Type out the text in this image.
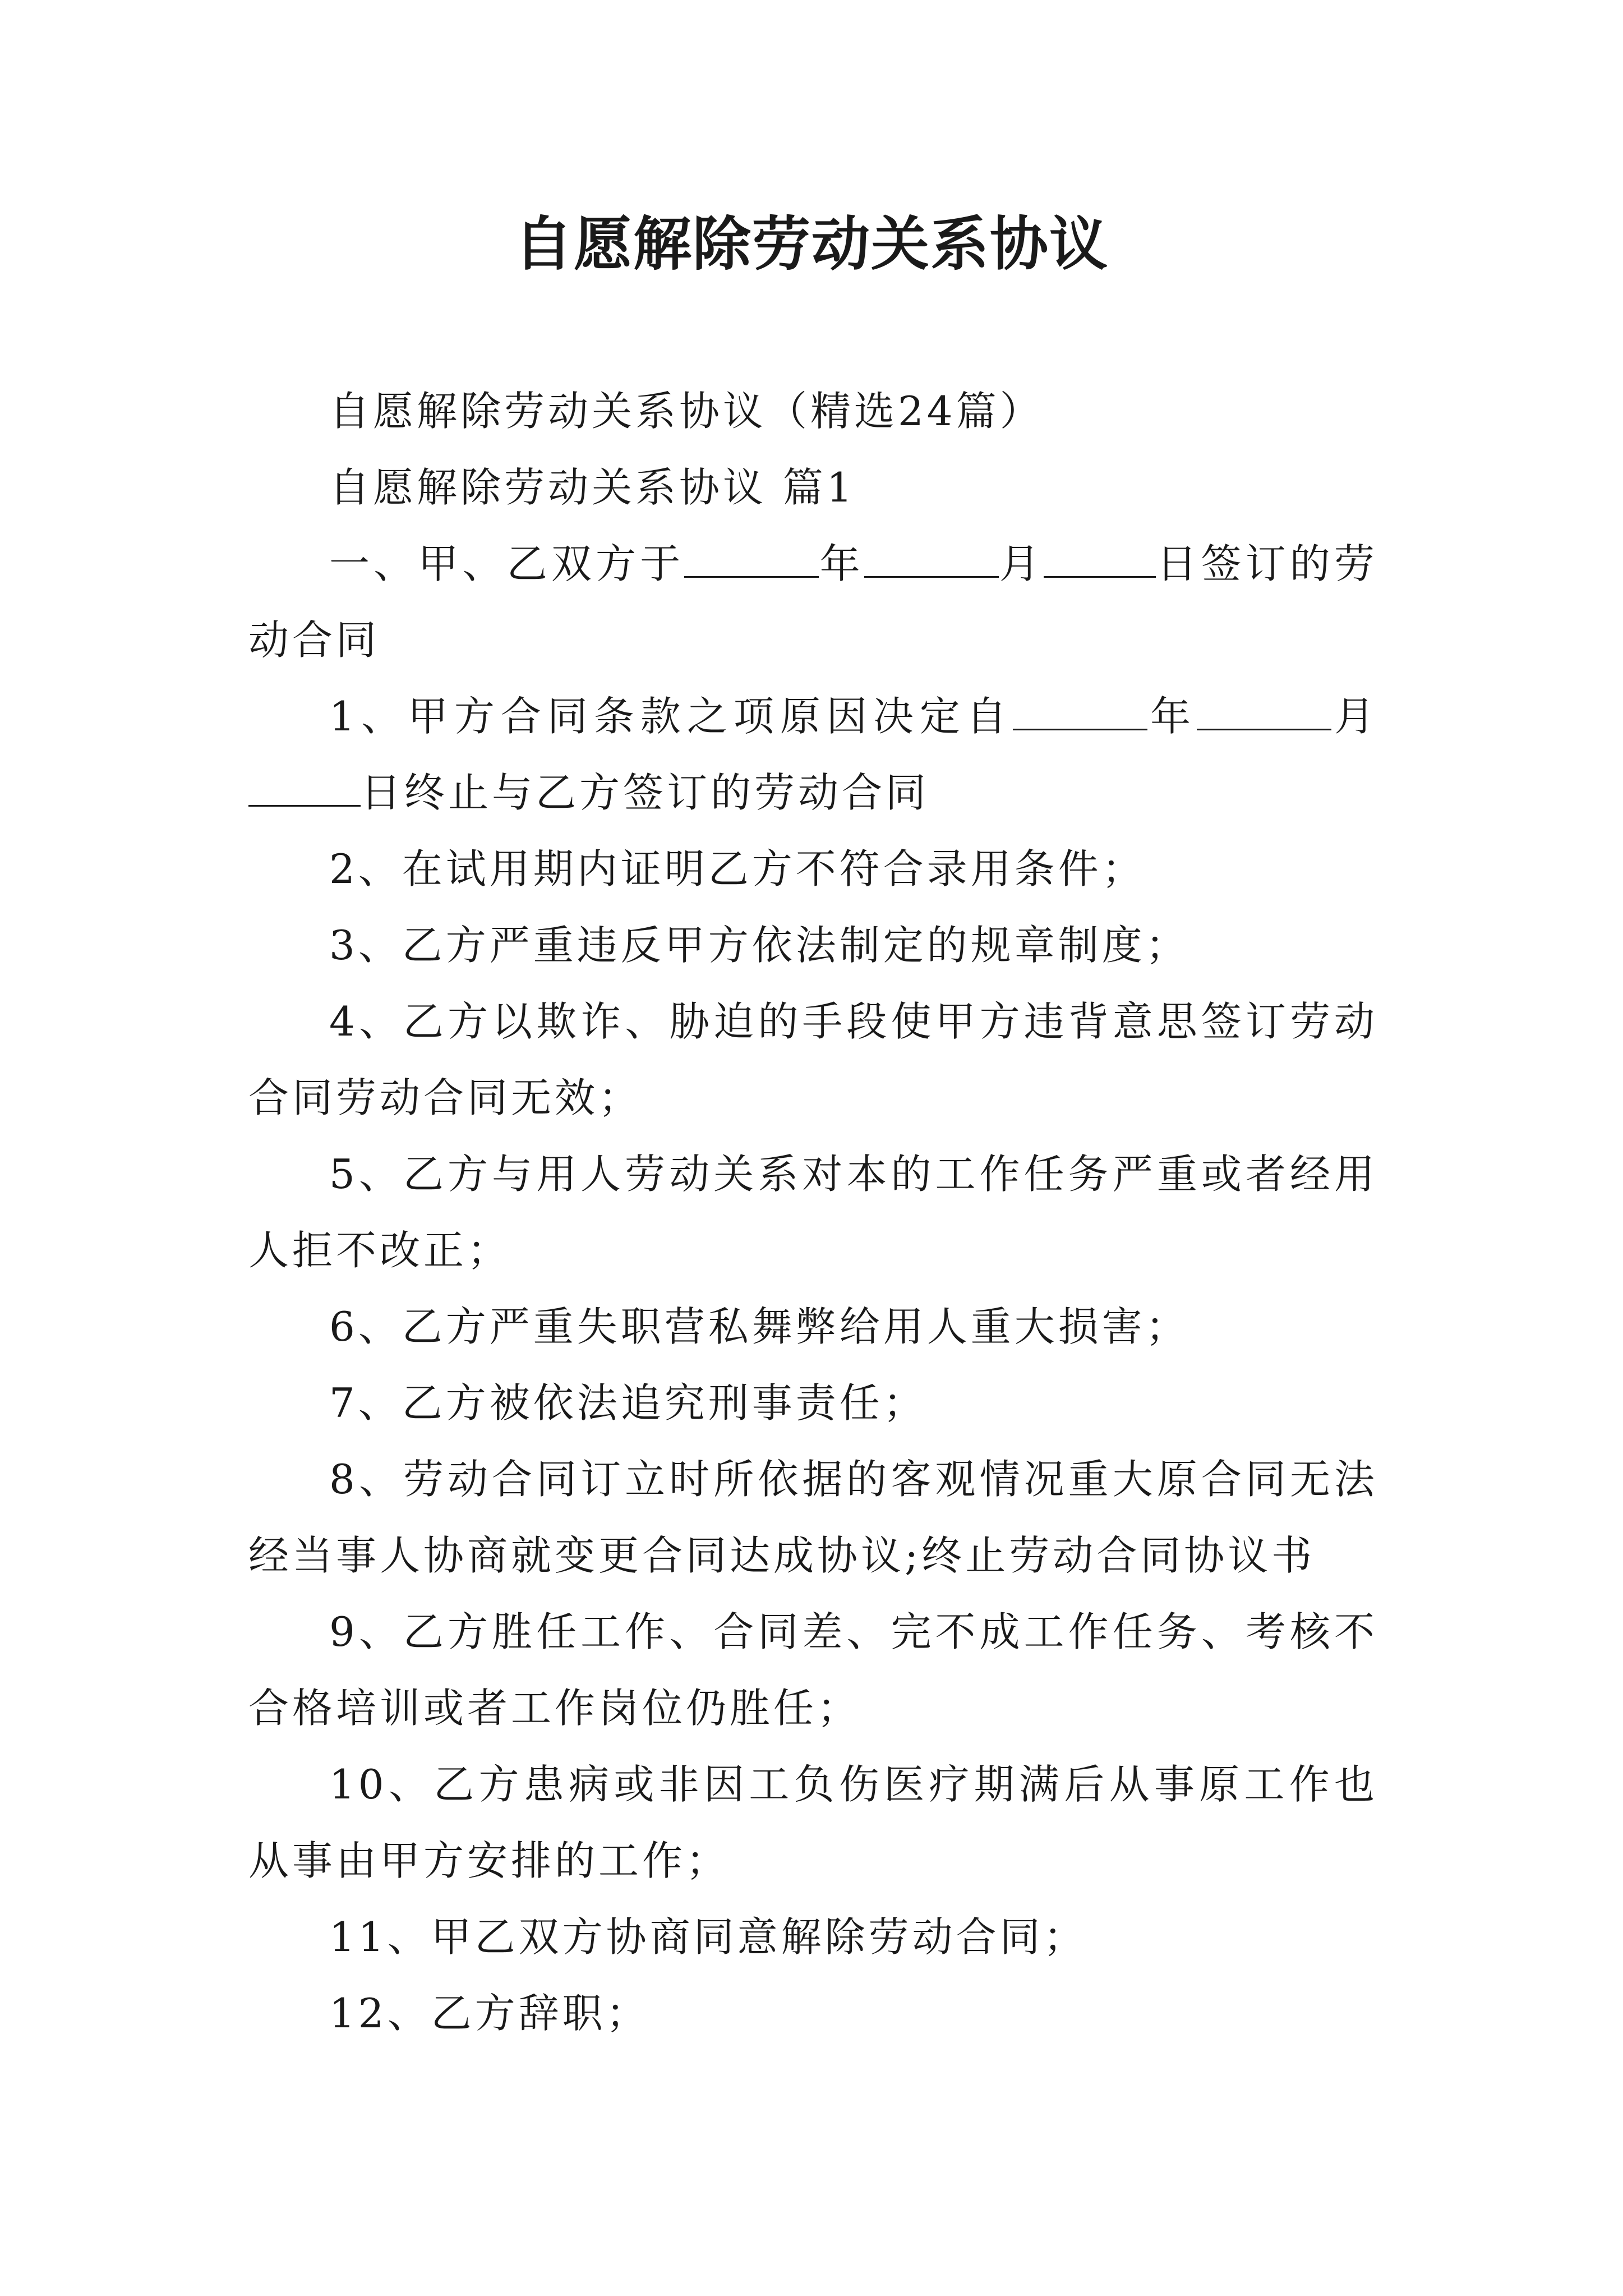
自愿解除劳动关系协议

自愿解除劳动关系协议（精选24篇）

自愿解除劳动关系协议 篇1

一、甲、乙双方于	年	月	日签订的劳动合同

1、甲方合同条款之项原因决定自	年	月日终止与乙方签订的劳动合同

2、在试用期内证明乙方不符合录用条件；

3、乙方严重违反甲方依法制定的规章制度；

4、乙方以欺诈、胁迫的手段使甲方违背意思签订劳动合同劳动合同无效；

5、乙方与用人劳动关系对本的工作任务严重或者经用人拒不改正；

6、乙方严重失职营私舞弊给用人重大损害；

7、乙方被依法追究刑事责任；

8、劳动合同订立时所依据的客观情况重大原合同无法经当事人协商就变更合同达成协议;终止劳动合同协议书

9、乙方胜任工作、合同差、完不成工作任务、考核不合格培训或者工作岗位仍胜任；

10、乙方患病或非因工负伤医疗期满后从事原工作也从事由甲方安排的工作；

11、甲乙双方协商同意解除劳动合同；

12、乙方辞职；
